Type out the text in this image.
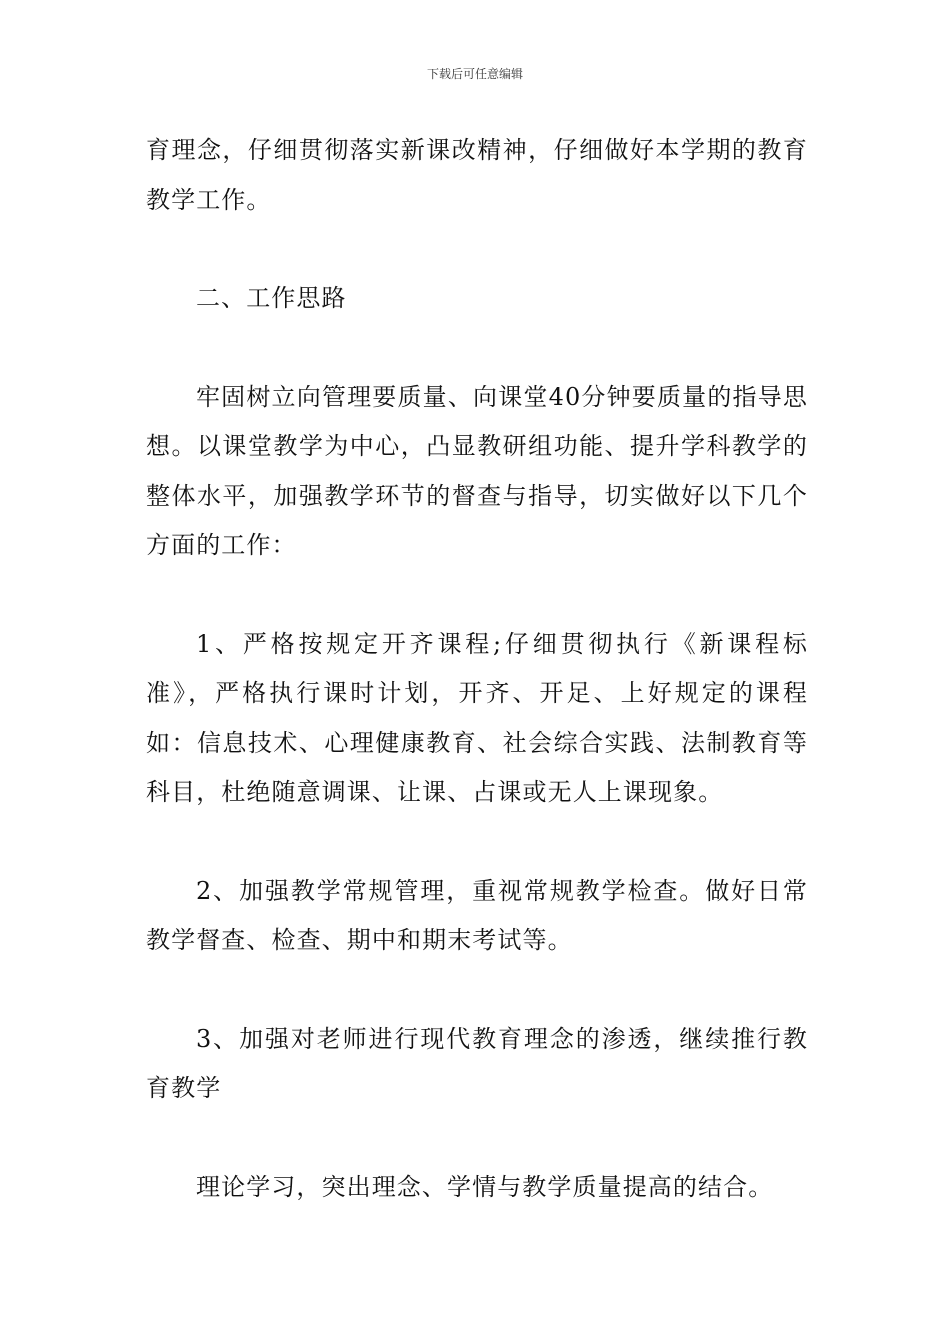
下载后可任意编辑

育理念，仔细贯彻落实新课改精神，仔细做好本学期的教育教学工作。

二、工作思路

牢固树立向管理要质量、向课堂40分钟要质量的指导思想。以课堂教学为中心，凸显教研组功能、提升学科教学的整体水平，加强教学环节的督查与指导，切实做好以下几个方面的工作：

1、严格按规定开齐课程;仔细贯彻执行《新课程标准》，严格执行课时计划，开齐、开足、上好规定的课程如：信息技术、心理健康教育、社会综合实践、法制教育等科目，杜绝随意调课、让课、占课或无人上课现象。

2、加强教学常规管理，重视常规教学检查。做好日常教学督查、检查、期中和期末考试等。

3、加强对老师进行现代教育理念的渗透，继续推行教育教学

理论学习，突出理念、学情与教学质量提高的结合。
